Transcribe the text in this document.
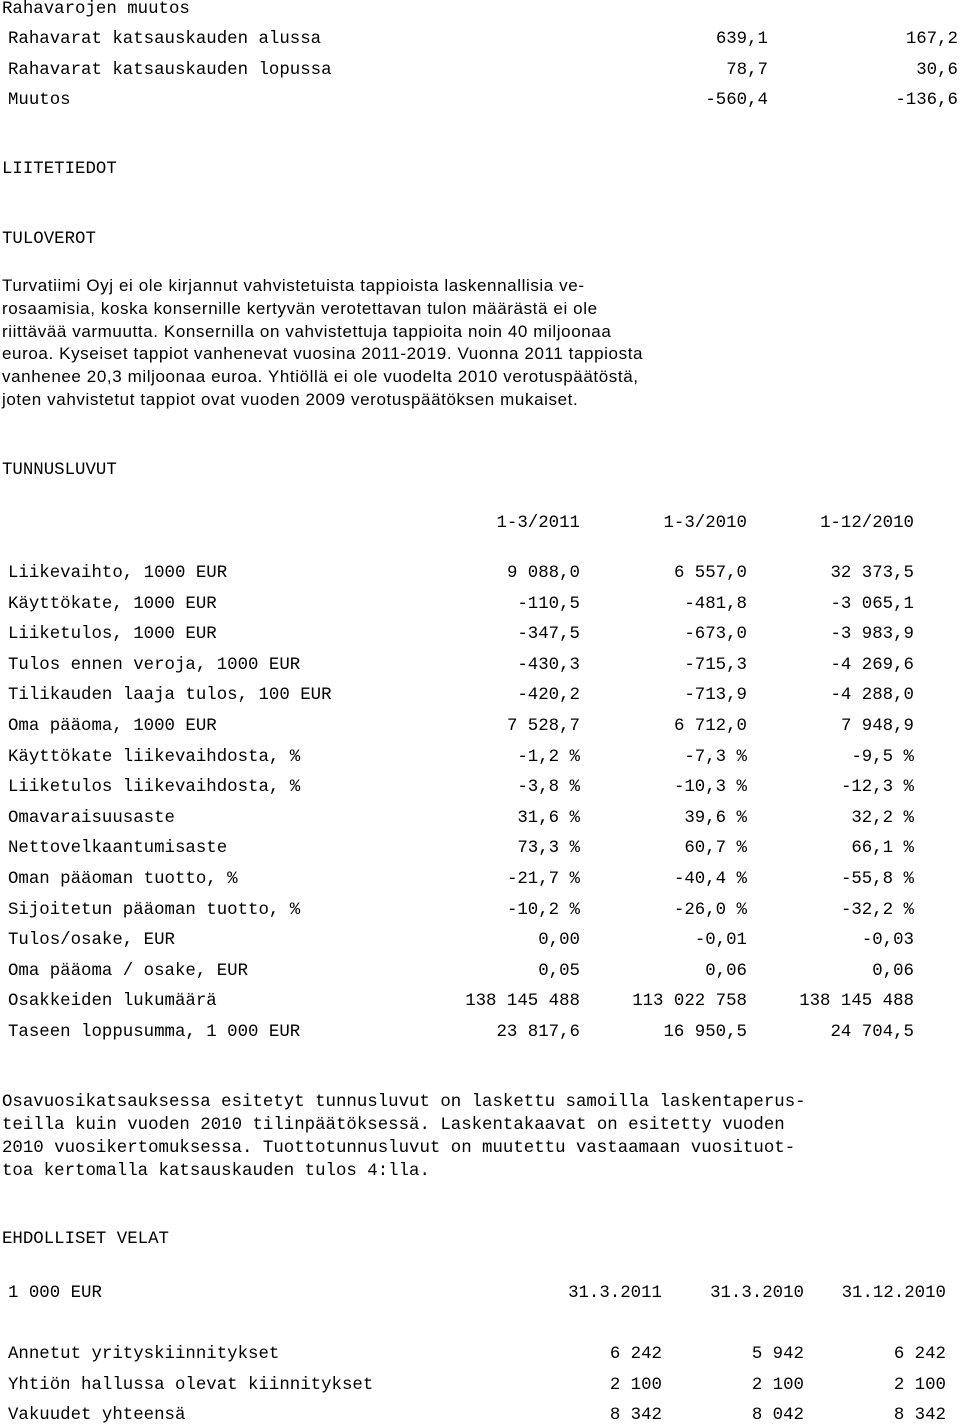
Rahavarojen muutos
Rahavarat katsauskauden alussa	639,1	167,2
Rahavarat katsauskauden lopussa	78,7	30,6
Muutos	-560,4	-136,6
LIITETIEDOT
TULOVEROT
Turvatiimi Oyj ei ole kirjannut vahvistetuista tappioista laskennallisia ve-
rosaamisia, koska konsernille kertyvän verotettavan tulon määrästä ei ole
riittävää varmuutta. Konsernilla on vahvistettuja tappioita noin 40 miljoonaa
euroa. Kyseiset tappiot vanhenevat vuosina 2011-2019. Vuonna 2011 tappiosta
vanhenee 20,3 miljoonaa euroa. Yhtiöllä ei ole vuodelta 2010 verotuspäätöstä,
joten vahvistetut tappiot ovat vuoden 2009 verotuspäätöksen mukaiset.
TUNNUSLUVUT
1-3/2011	1-3/2010	1-12/2010
Liikevaihto, 1000 EUR	9 088,0	6 557,0	32 373,5
Käyttökate, 1000 EUR	-110,5	-481,8	-3 065,1
Liiketulos, 1000 EUR	-347,5	-673,0	-3 983,9
Tulos ennen veroja, 1000 EUR	-430,3	-715,3	-4 269,6
Tilikauden laaja tulos, 100 EUR	-420,2	-713,9	-4 288,0
Oma pääoma, 1000 EUR	7 528,7	6 712,0	7 948,9
Käyttökate liikevaihdosta, %	-1,2 %	-7,3 %	-9,5 %
Liiketulos liikevaihdosta, %	-3,8 %	-10,3 %	-12,3 %
Omavaraisuusaste	31,6 %	39,6 %	32,2 %
Nettovelkaantumisaste	73,3 %	60,7 %	66,1 %
Oman pääoman tuotto, %	-21,7 %	-40,4 %	-55,8 %
Sijoitetun pääoman tuotto, %	-10,2 %	-26,0 %	-32,2 %
Tulos/osake, EUR	0,00	-0,01	-0,03
Oma pääoma / osake, EUR	0,05	0,06	0,06
Osakkeiden lukumäärä	138 145 488	113 022 758	138 145 488
Taseen loppusumma, 1 000 EUR	23 817,6	16 950,5	24 704,5
Osavuosikatsauksessa esitetyt tunnusluvut on laskettu samoilla laskentaperus-
teilla kuin vuoden 2010 tilinpäätöksessä. Laskentakaavat on esitetty vuoden
2010 vuosikertomuksessa. Tuottotunnusluvut on muutettu vastaamaan vuosituot-
toa kertomalla katsauskauden tulos 4:lla.
EHDOLLISET VELAT
1 000 EUR	31.3.2011	31.3.2010 31.12.2010
Annetut yrityskiinnitykset	6 242	5 942	6 242
Yhtiön hallussa olevat kiinnitykset	2 100	2 100	2 100
Vakuudet yhteensä	8 342	8 042	8 342
